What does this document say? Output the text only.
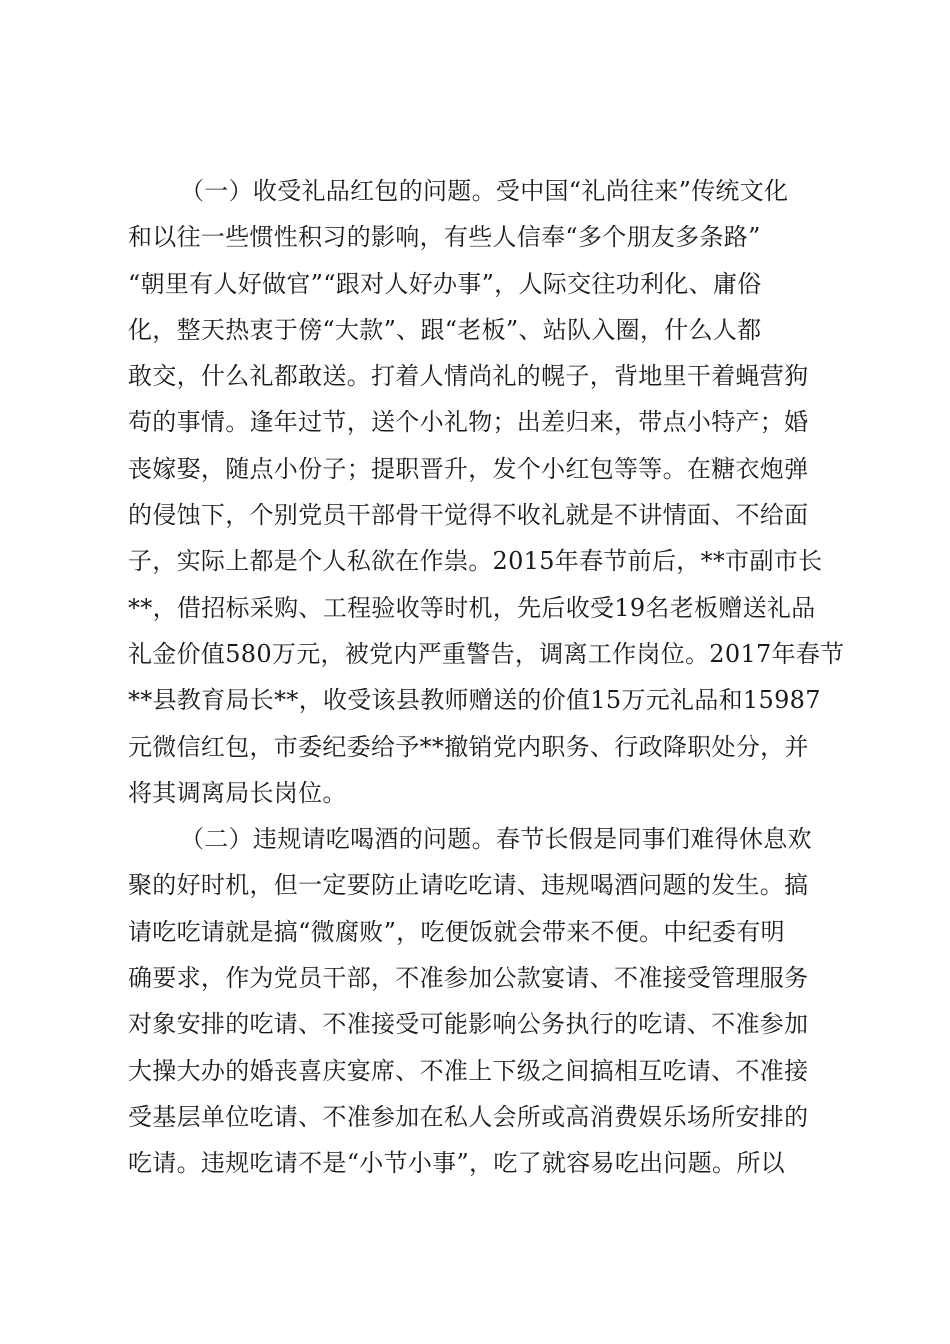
（一）收受礼品红包的问题。受中国“礼尚往来”传统文化
和以往一些惯性积习的影响，有些人信奉“多个朋友多条路”
“朝里有人好做官”“跟对人好办事”，人际交往功利化、庸俗
化，整天热衷于傍“大款”、跟“老板”、站队入圈，什么人都
敢交，什么礼都敢送。打着人情尚礼的幌子，背地里干着蝇营狗
苟的事情。逢年过节，送个小礼物；出差归来，带点小特产；婚
丧嫁娶，随点小份子；提职晋升，发个小红包等等。在糖衣炮弹
的侵蚀下，个别党员干部骨干觉得不收礼就是不讲情面、不给面
子，实际上都是个人私欲在作祟。2015年春节前后，**市副市长
**，借招标采购、工程验收等时机，先后收受19名老板赠送礼品
礼金价值580万元，被党内严重警告，调离工作岗位。2017年春节
**县教育局长**，收受该县教师赠送的价值15万元礼品和15987
元微信红包，市委纪委给予**撤销党内职务、行政降职处分，并
将其调离局长岗位。
（二）违规请吃喝酒的问题。春节长假是同事们难得休息欢
聚的好时机，但一定要防止请吃吃请、违规喝酒问题的发生。搞
请吃吃请就是搞“微腐败”，吃便饭就会带来不便。中纪委有明
确要求，作为党员干部，不准参加公款宴请、不准接受管理服务
对象安排的吃请、不准接受可能影响公务执行的吃请、不准参加
大操大办的婚丧喜庆宴席、不准上下级之间搞相互吃请、不准接
受基层单位吃请、不准参加在私人会所或高消费娱乐场所安排的
吃请。违规吃请不是“小节小事”，吃了就容易吃出问题。所以
